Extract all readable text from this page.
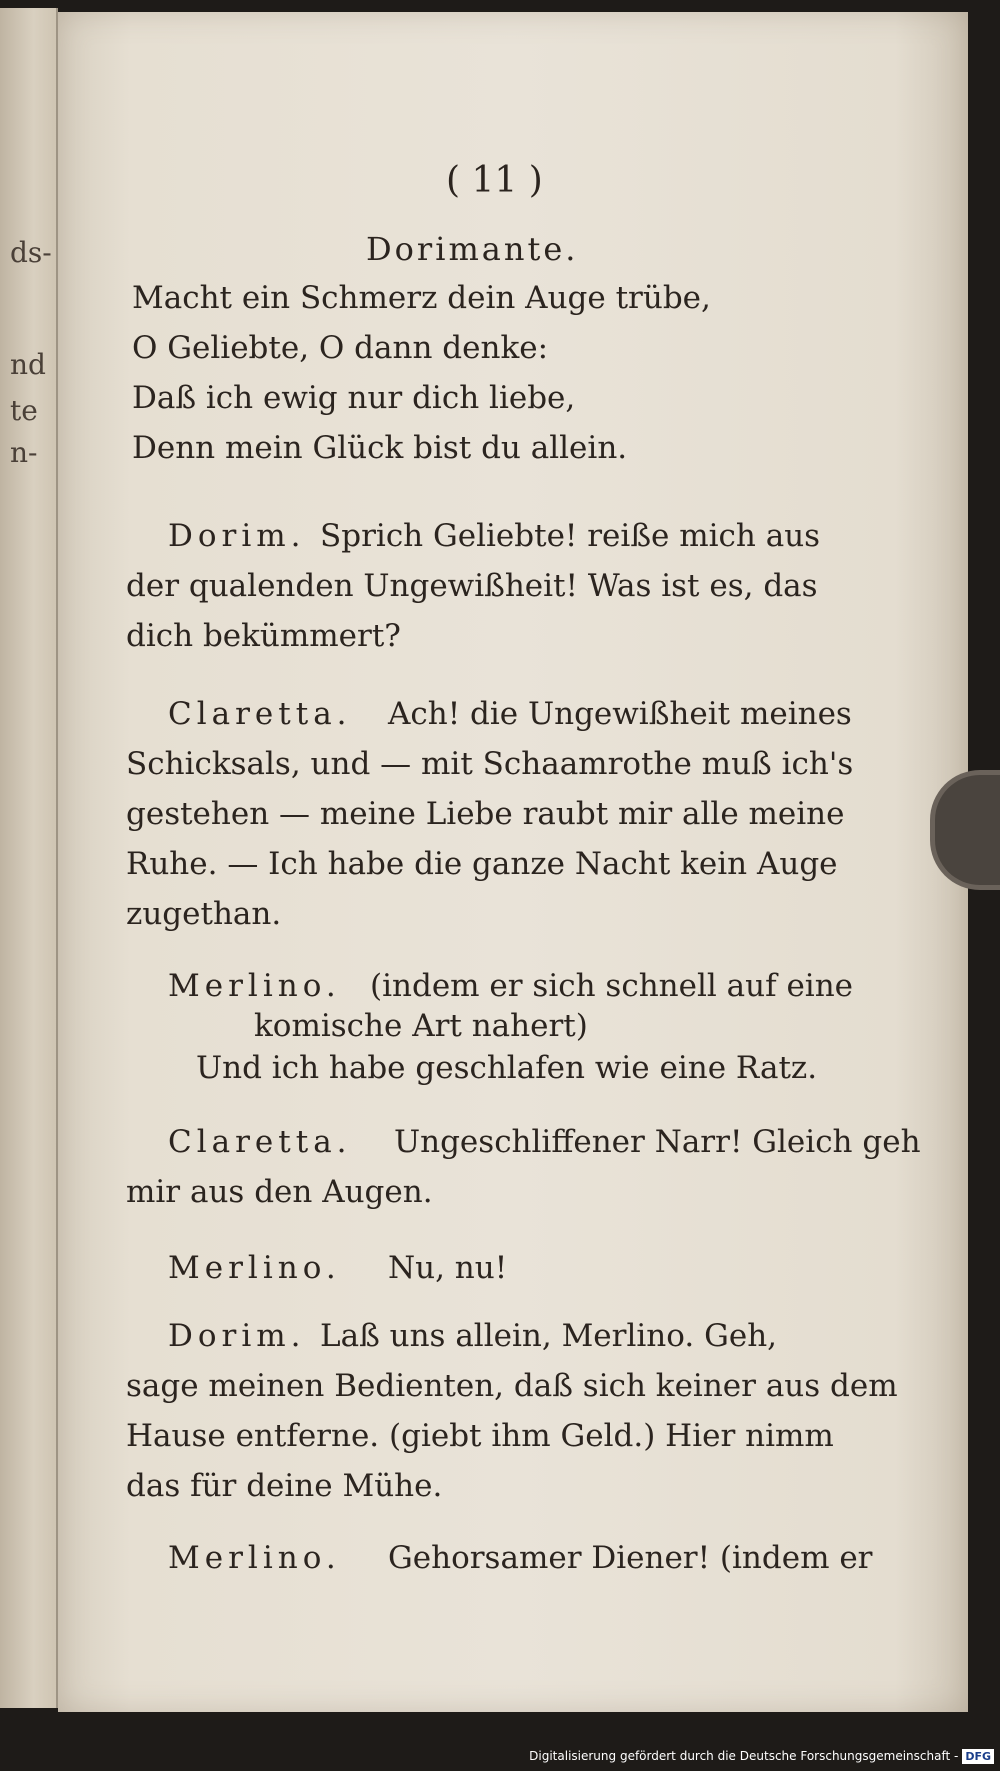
ds-
nd
te
n-
( 11 )
Dorimante.
Macht ein Schmerz dein Auge trübe,
O Geliebte, O dann denke:
Daß ich ewig nur dich liebe,
Denn mein Glück bist du allein.
Dorim. Sprich Geliebte! reiße mich aus
der qualenden Ungewißheit! Was ist es, das
dich bekümmert?
Claretta. Ach! die Ungewißheit meines
Schicksals, und — mit Schaamrothe muß ich's
gestehen — meine Liebe raubt mir alle meine
Ruhe. — Ich habe die ganze Nacht kein Auge
zugethan.
Merlino. (indem er sich schnell auf eine
komische Art nahert)
Und ich habe geschlafen wie eine Ratz.
Claretta. Ungeschliffener Narr! Gleich geh
mir aus den Augen.
Merlino. Nu, nu!
Dorim. Laß uns allein, Merlino. Geh,
sage meinen Bedienten, daß sich keiner aus dem
Hause entferne. (giebt ihm Geld.) Hier nimm
das für deine Mühe.
Merlino. Gehorsamer Diener! (indem er
Digitalisierung gefördert durch die Deutsche Forschungsgemeinschaft - DFG
